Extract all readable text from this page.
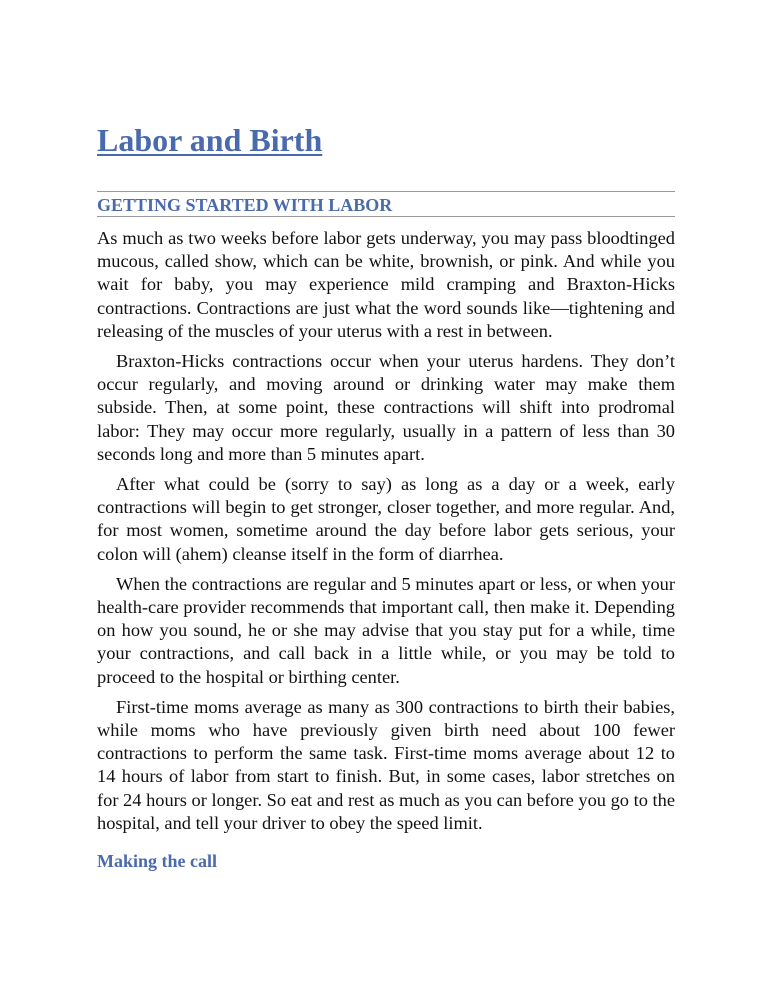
Labor and Birth
GETTING STARTED WITH LABOR

As much as two weeks before labor gets underway, you may pass bloodtinged mucous, called show, which can be white, brownish, or pink. And while you wait for baby, you may experience mild cramping and Braxton-Hicks contractions. Contractions are just what the word sounds like—tightening and releasing of the muscles of your uterus with a rest in between.

Braxton-Hicks contractions occur when your uterus hardens. They don’t occur regularly, and moving around or drinking water may make them subside. Then, at some point, these contractions will shift into prodromal labor: They may occur more regularly, usually in a pattern of less than 30 seconds long and more than 5 minutes apart.

After what could be (sorry to say) as long as a day or a week, early contractions will begin to get stronger, closer together, and more regular. And, for most women, sometime around the day before labor gets serious, your colon will (ahem) cleanse itself in the form of diarrhea.

When the contractions are regular and 5 minutes apart or less, or when your health-care provider recommends that important call, then make it. Depending on how you sound, he or she may advise that you stay put for a while, time your contractions, and call back in a little while, or you may be told to proceed to the hospital or birthing center.

First-time moms average as many as 300 contractions to birth their babies, while moms who have previously given birth need about 100 fewer contractions to perform the same task. First-time moms average about 12 to 14 hours of labor from start to finish. But, in some cases, labor stretches on for 24 hours or longer. So eat and rest as much as you can before you go to the hospital, and tell your driver to obey the speed limit.

Making the call
